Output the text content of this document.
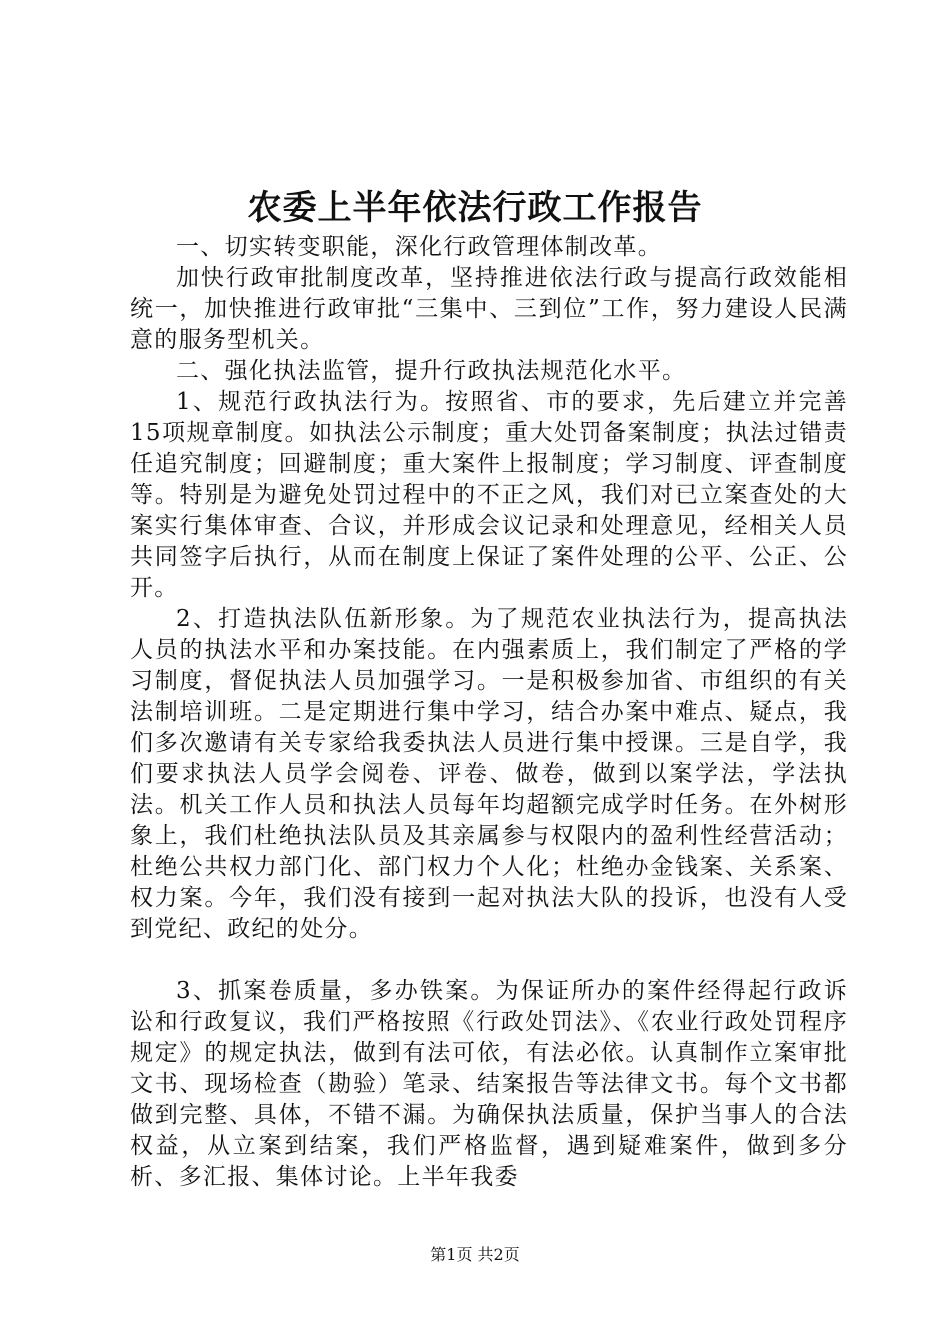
农委上半年依法行政工作报告

一、切实转变职能，深化行政管理体制改革。

加快行政审批制度改革，坚持推进依法行政与提高行政效能相统一，加快推进行政审批“三集中、三到位”工作，努力建设人民满意的服务型机关。

二、强化执法监管，提升行政执法规范化水平。

1、规范行政执法行为。按照省、市的要求，先后建立并完善15项规章制度。如执法公示制度；重大处罚备案制度；执法过错责任追究制度；回避制度；重大案件上报制度；学习制度、评查制度等。特别是为避免处罚过程中的不正之风，我们对已立案查处的大案实行集体审查、合议，并形成会议记录和处理意见，经相关人员共同签字后执行，从而在制度上保证了案件处理的公平、公正、公开。

2、打造执法队伍新形象。为了规范农业执法行为，提高执法人员的执法水平和办案技能。在内强素质上，我们制定了严格的学习制度，督促执法人员加强学习。一是积极参加省、市组织的有关法制培训班。二是定期进行集中学习，结合办案中难点、疑点，我们多次邀请有关专家给我委执法人员进行集中授课。三是自学，我们要求执法人员学会阅卷、评卷、做卷，做到以案学法，学法执法。机关工作人员和执法人员每年均超额完成学时任务。在外树形象上，我们杜绝执法队员及其亲属参与权限内的盈利性经营活动；杜绝公共权力部门化、部门权力个人化；杜绝办金钱案、关系案、权力案。今年，我们没有接到一起对执法大队的投诉，也没有人受到党纪、政纪的处分。

3、抓案卷质量，多办铁案。为保证所办的案件经得起行政诉讼和行政复议，我们严格按照《行政处罚法》、《农业行政处罚程序规定》的规定执法，做到有法可依，有法必依。认真制作立案审批文书、现场检查（勘验）笔录、结案报告等法律文书。每个文书都做到完整、具体，不错不漏。为确保执法质量，保护当事人的合法权益，从立案到结案，我们严格监督，遇到疑难案件，做到多分析、多汇报、集体讨论。上半年我委

第1页 共2页
